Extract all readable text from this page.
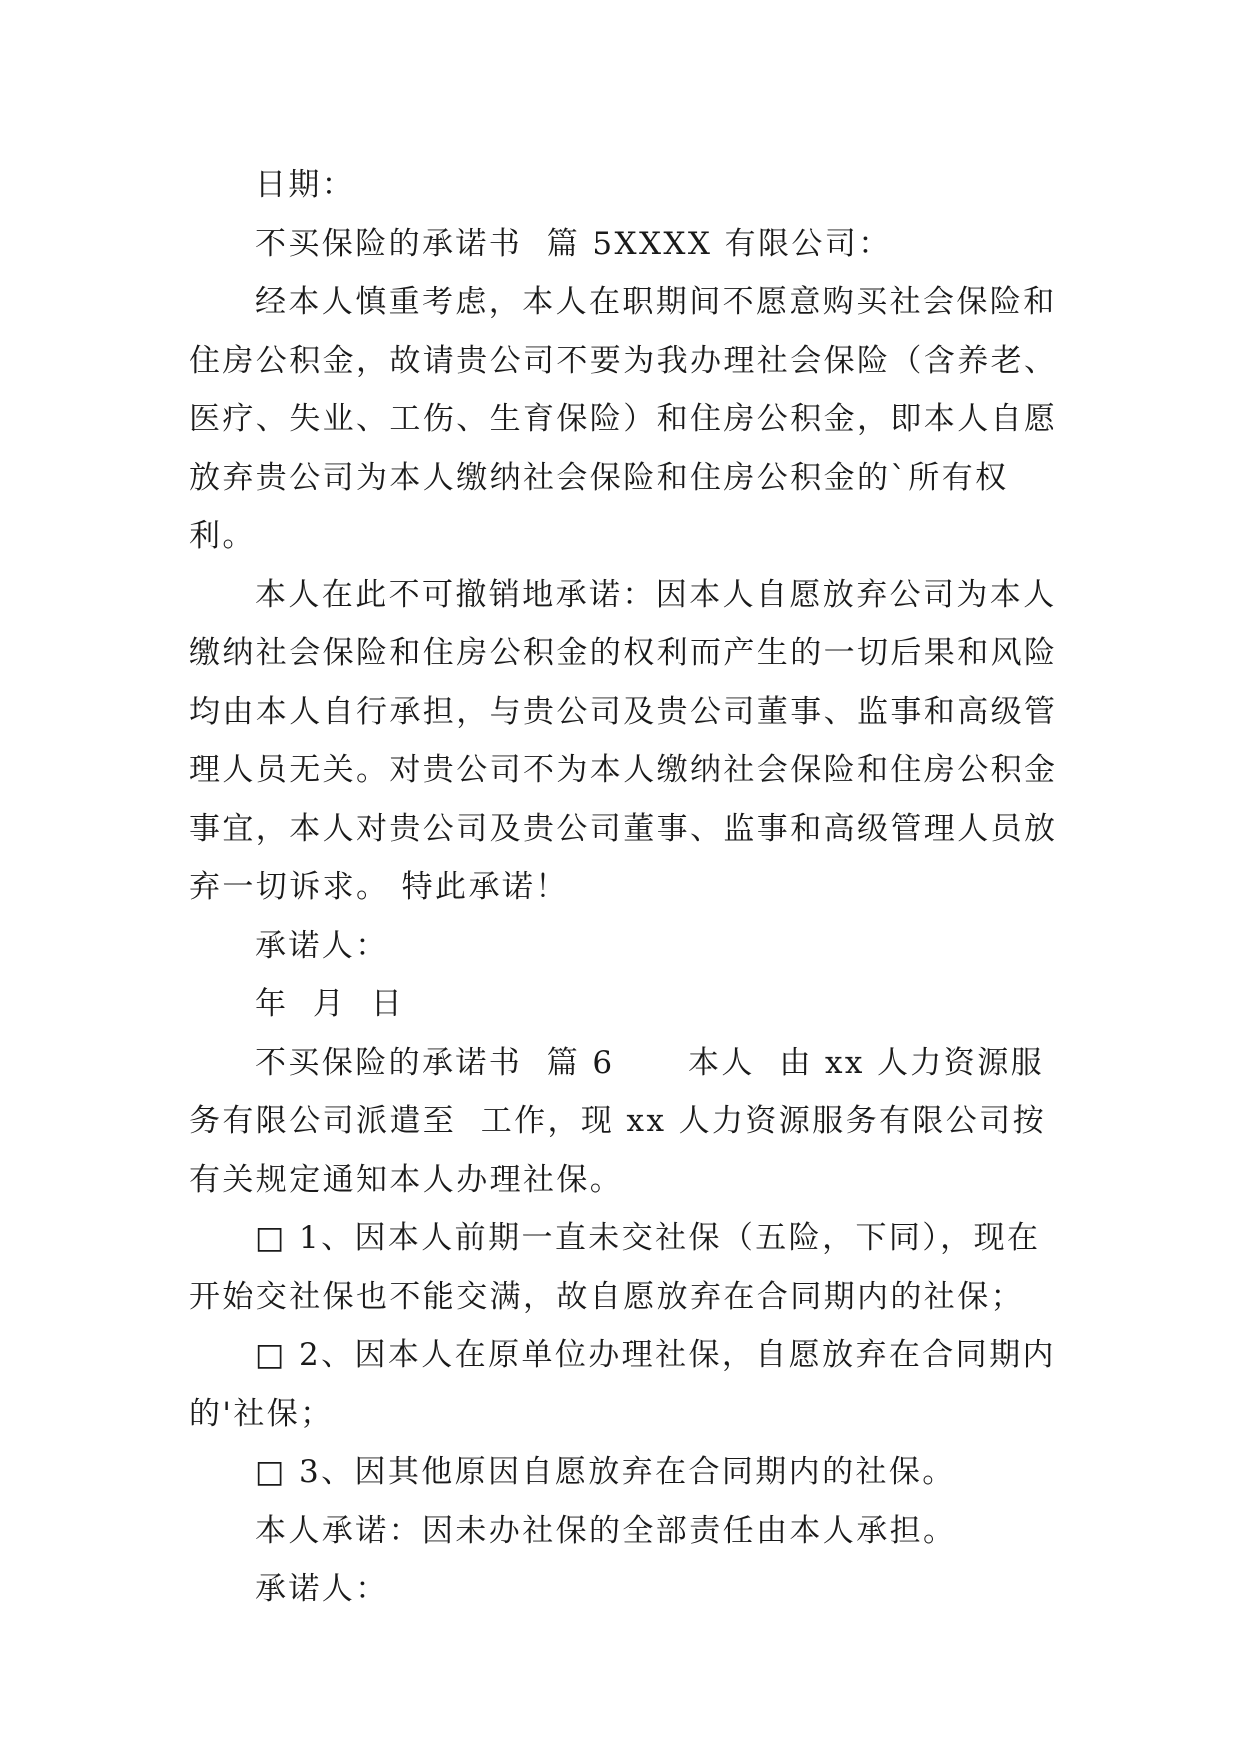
日期：

不买保险的承诺书  篇 5XXXX 有限公司：

经本人慎重考虑，本人在职期间不愿意购买社会保险和住房公积金，故请贵公司不要为我办理社会保险（含养老、医疗、失业、工伤、生育保险）和住房公积金，即本人自愿放弃贵公司为本人缴纳社会保险和住房公积金的`所有权利。

本人在此不可撤销地承诺：因本人自愿放弃公司为本人缴纳社会保险和住房公积金的权利而产生的一切后果和风险均由本人自行承担，与贵公司及贵公司董事、监事和高级管理人员无关。对贵公司不为本人缴纳社会保险和住房公积金事宜，本人对贵公司及贵公司董事、监事和高级管理人员放弃一切诉求。 特此承诺！

承诺人：

年  月  日

不买保险的承诺书  篇 6      本人  由 xx 人力资源服务有限公司派遣至  工作，现 xx 人力资源服务有限公司按有关规定通知本人办理社保。

□ 1、因本人前期一直未交社保（五险，下同），现在开始交社保也不能交满，故自愿放弃在合同期内的社保；

□ 2、因本人在原单位办理社保，自愿放弃在合同期内的'社保；

□ 3、因其他原因自愿放弃在合同期内的社保。

本人承诺：因未办社保的全部责任由本人承担。

承诺人：
